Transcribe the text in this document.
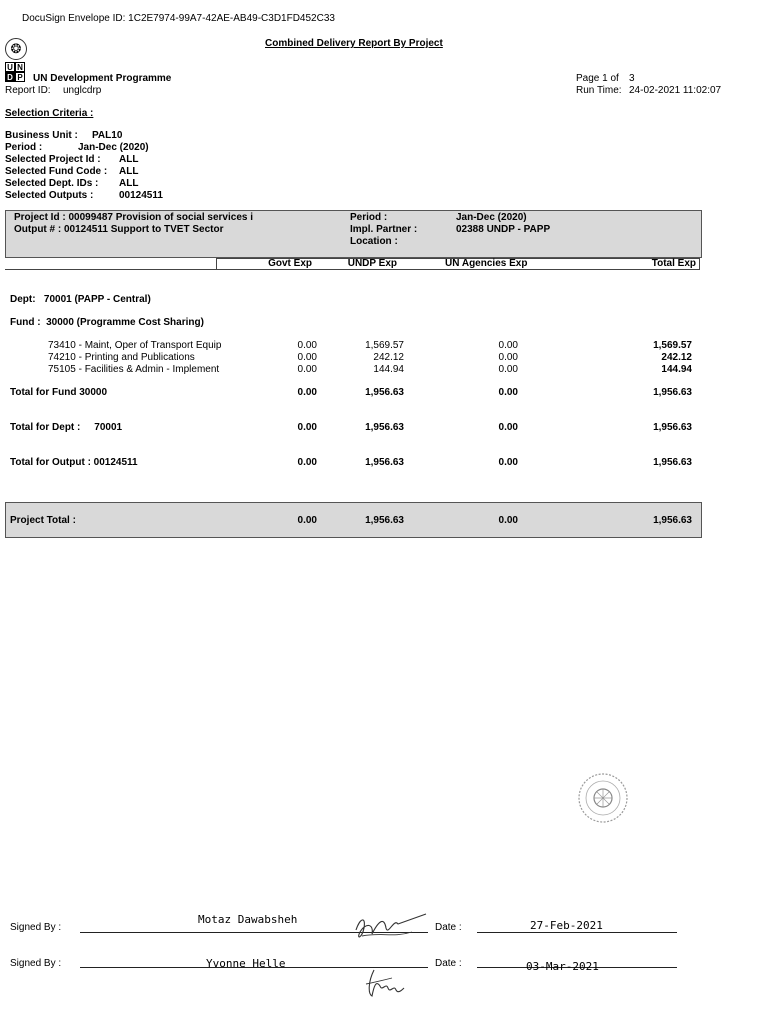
DocuSign Envelope ID: 1C2E7974-99A7-42AE-AB49-C3D1FD452C33
Combined Delivery Report By Project
❂
U N
D P UN Development Programme
Report ID: unglcdrp
Page 1 of 3
Run Time: 24-02-2021 11:02:07
Selection Criteria :
Business Unit : PAL10
Period :	Jan-Dec (2020)
Selected Project Id : ALL
Selected Fund Code : ALL
Selected Dept. IDs : ALL
Selected Outputs :	00124511
Project Id : 00099487 Provision of social services i
Output # : 00124511 Support to TVET Sector
Period :	Jan-Dec (2020)
Impl. Partner :	02388 UNDP - PAPP
Location :
Govt Exp	UNDP Exp	UN Agencies Exp	Total Exp
Dept:   70001 (PAPP - Central)
Fund :  30000 (Programme Cost Sharing)
73410 - Maint, Oper of Transport Equip	0.00	1,569.57	0.00	1,569.57
74210 - Printing and Publications	0.00	242.12	0.00	242.12
75105 - Facilities & Admin - Implement	0.00	144.94	0.00	144.94
Total for Fund 30000	0.00	1,956.63	0.00	1,956.63
Total for Dept :     70001	0.00	1,956.63	0.00	1,956.63
Total for Output : 00124511	0.00	1,956.63	0.00	1,956.63
Project Total :	0.00	1,956.63	0.00	1,956.63
Signed By :
Motaz Dawabsheh
Date :	27-Feb-2021
Signed By :	Yvonne Helle	Date :	03-Mar-2021
